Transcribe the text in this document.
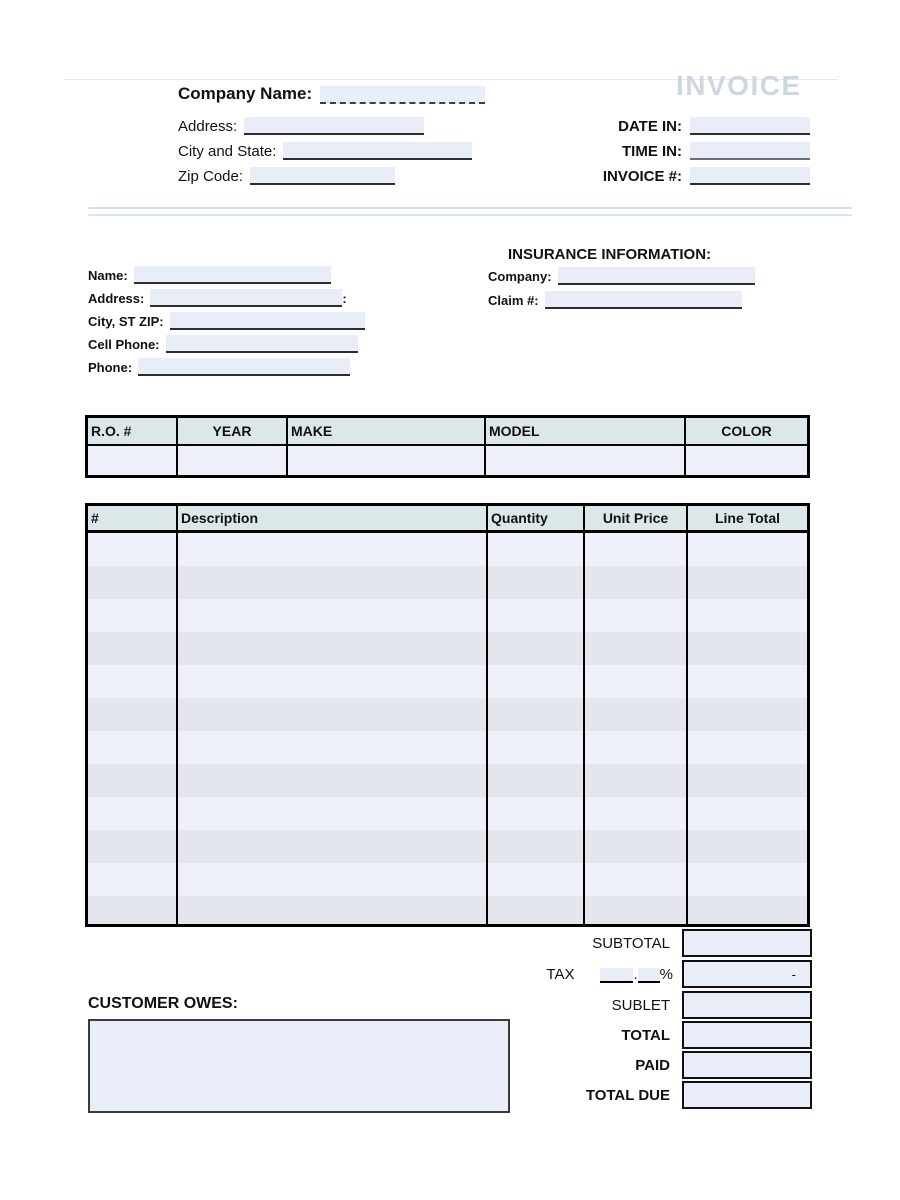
INVOICE
Company Name:
Address:
City and State:
Zip Code:
DATE IN:
TIME IN:
INVOICE #:
Name:
Address:	:
City, ST ZIP:
Cell Phone:
Phone:
INSURANCE INFORMATION:
Company:
Claim #:
R.O. #	YEAR	MAKE	MODEL	COLOR
#	Description	Quantity	Unit Price	Line Total
SUBTOTAL
TAX	. %	-
SUBLET
TOTAL
PAID
TOTAL DUE
CUSTOMER OWES:
